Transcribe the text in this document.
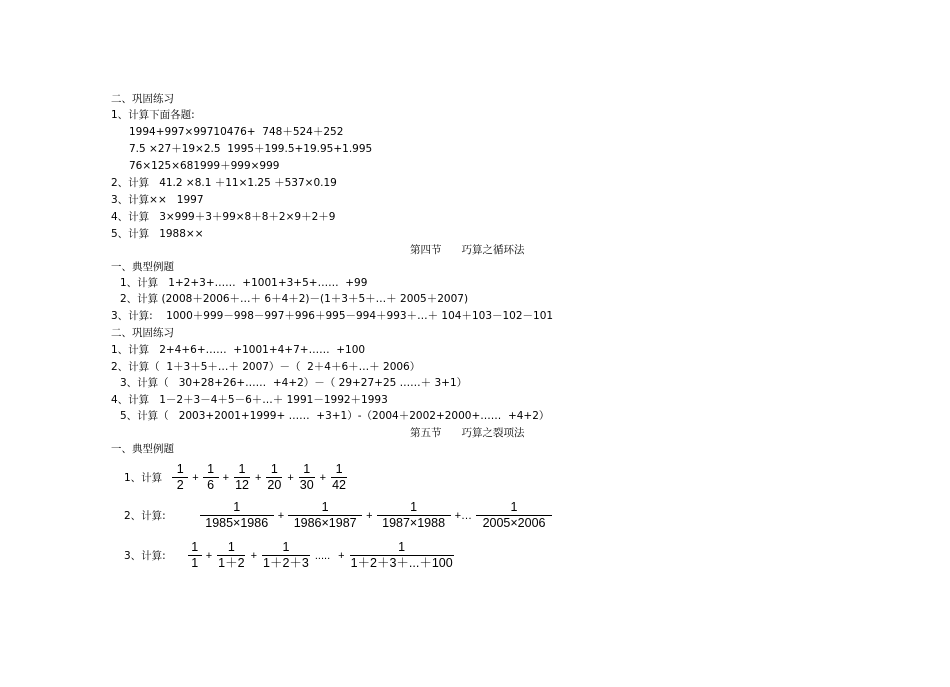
二、巩固练习
1、计算下面各题:
1994+997×99710476+  748＋524＋252
7.5 ×27＋19×2.5  1995＋199.5+19.95+1.995
76×125×681999＋999×999
2、计算   41.2 ×8.1 ＋11×1.25 ＋537×0.19
3、计算××   1997
4、计算   3×999＋3＋99×8＋8＋2×9＋2＋9
5、计算   1988××
第四节      巧算之循环法
一、典型例题
1、计算   1+2+3+……  +1001+3+5+……  +99
2、计算 (2008＋2006＋…＋ 6＋4＋2)－(1＋3＋5＋…＋ 2005＋2007)
3、计算:    1000＋999－998－997＋996＋995－994＋993＋…＋ 104＋103－102－101
二、巩固练习
1、计算   2+4+6+……  +1001+4+7+……  +100
2、计算（  1＋3＋5＋…＋ 2007）－（  2＋4＋6＋…＋ 2006）
3、计算（   30+28+26+……  +4+2）－（ 29+27+25 ……＋ 3+1）
4、计算   1－2＋3－4＋5－6＋…＋ 1991－1992＋1993
5、计算（   2003+2001+1999+ ……  +3+1）-（2004＋2002+2000+……  +4+2）
第五节      巧算之裂项法
一、典型例题
1、计算 $\frac{1}{2} + \frac{1}{6} + \frac{1}{12} + \frac{1}{20} + \frac{1}{30} + \frac{1}{42}$
2、计算:	$\frac{1}{1985\times 1986} + \frac{1}{1986\times 1987} + \frac{1}{1987\times 1988}$ +… $\frac{1}{2005\times 2006}$
3、计算: $\frac{1}{1} + \frac{1}{1+2} + \frac{1}{1+2+3}$ ..... + $\frac{1}{1+2+3+...+100}$
